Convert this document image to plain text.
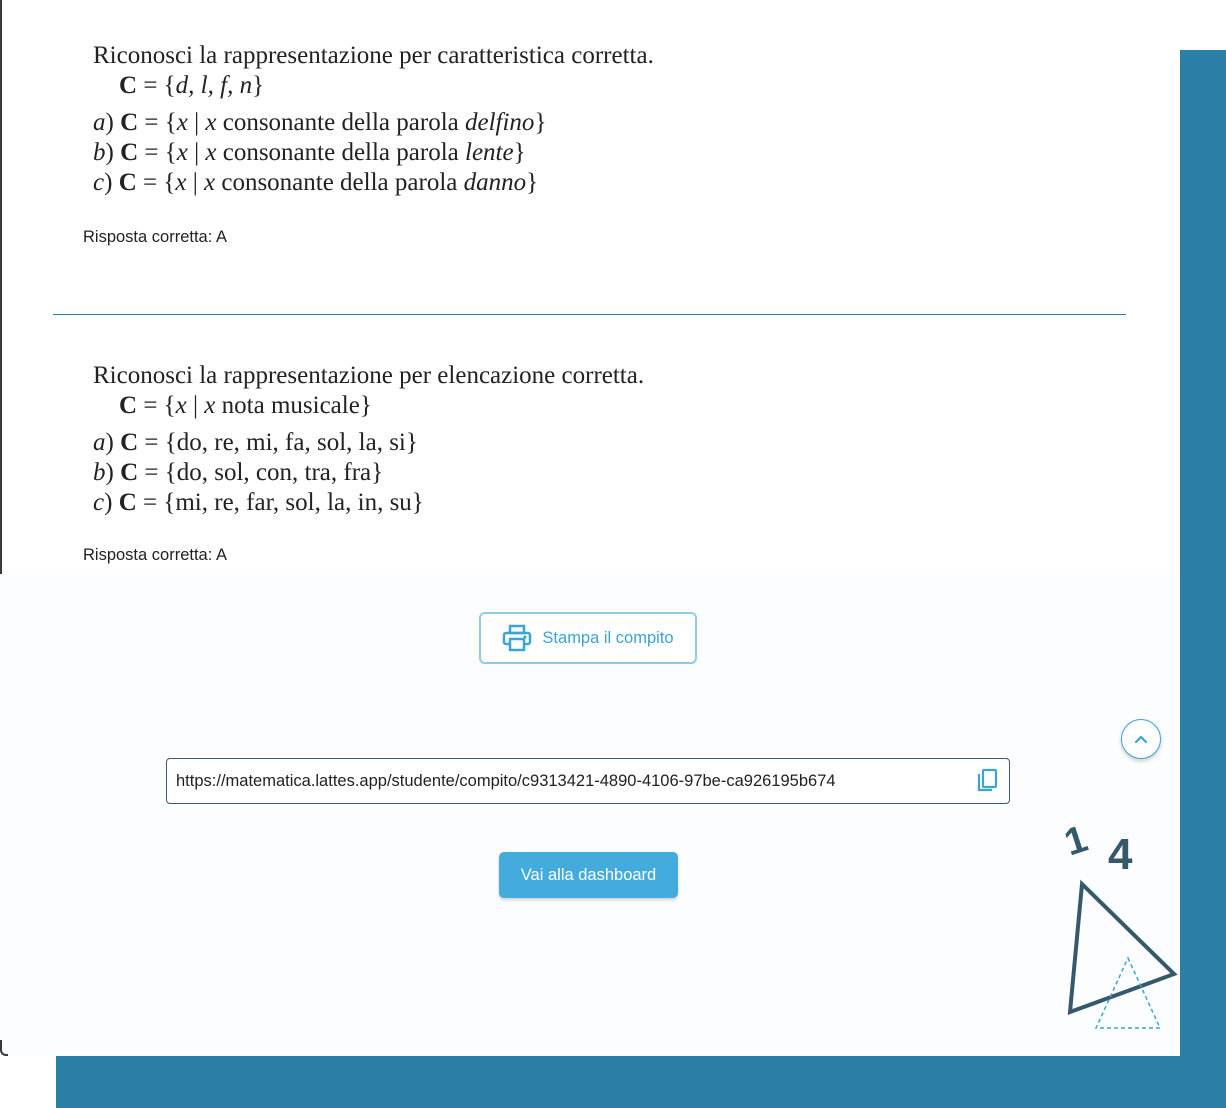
Riconosci la rappresentazione per caratteristica corretta.
C = {d, l, f, n}
a) C = {x | x consonante della parola delfino}
b) C = {x | x consonante della parola lente}
c) C = {x | x consonante della parola danno}
Risposta corretta: A
Riconosci la rappresentazione per elencazione corretta.
C = {x | x nota musicale}
a) C = {do, re, mi, fa, sol, la, si}
b) C = {do, sol, con, tra, fra}
c) C = {mi, re, far, sol, la, in, su}
Risposta corretta: A
Stampa il compito
https://matematica.lattes.app/studente/compito/c9313421-4890-4106-97be-ca926195b674
Vai alla dashboard
1 4
